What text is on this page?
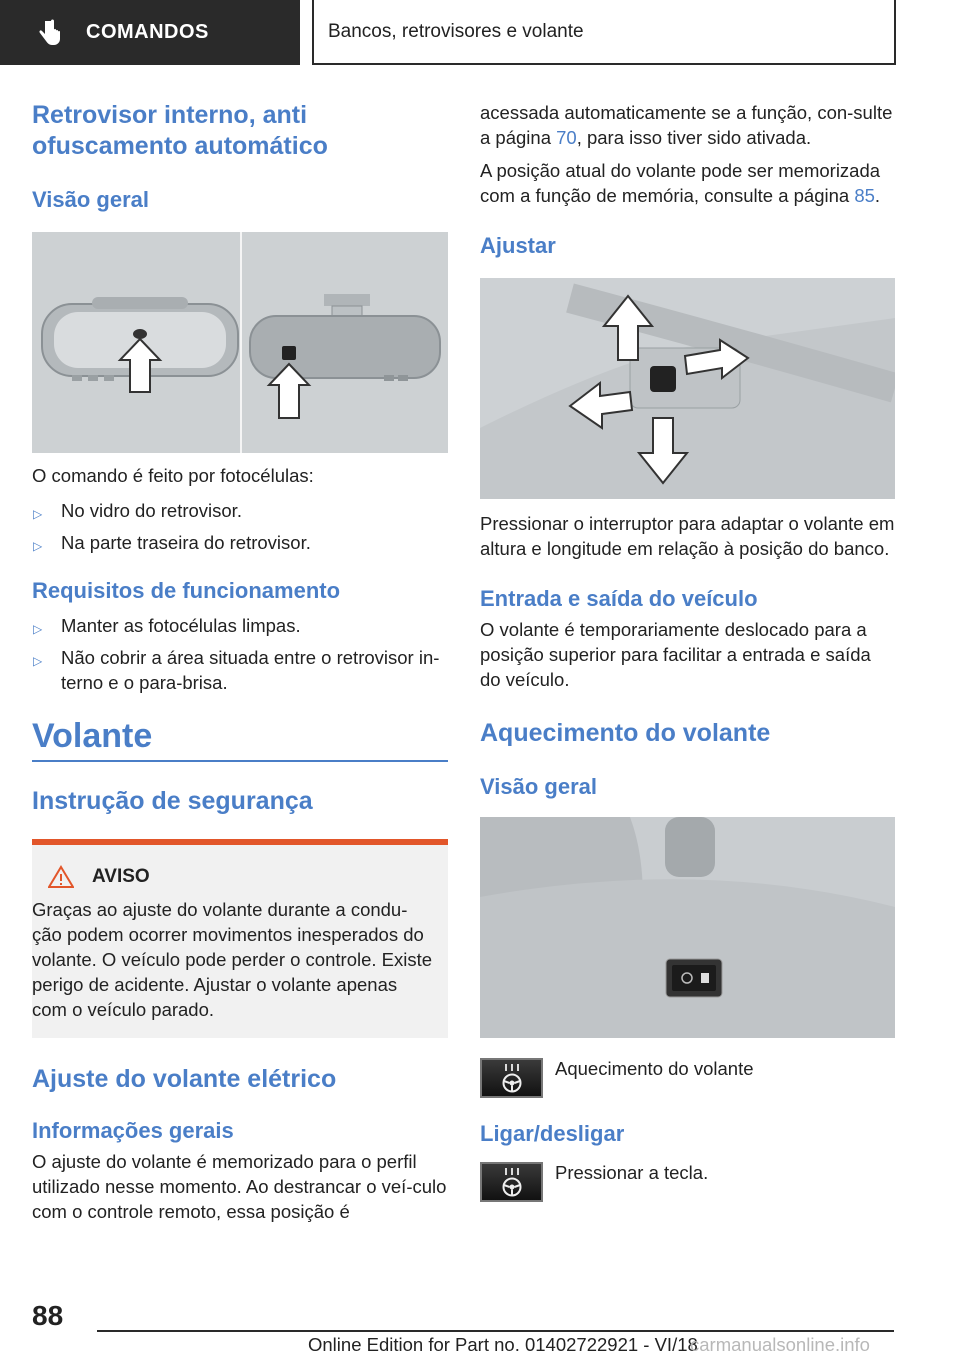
COMANDOS	Bancos, retrovisores e volante
Retrovisor interno, anti ofuscamento automático
Visão geral

O comando é feito por fotocélulas:

▷ No vidro do retrovisor.
▷ Na parte traseira do retrovisor.
Requisitos de funcionamento
▷ Manter as fotocélulas limpas.
▷ Não cobrir a área situada entre o retrovisor in-terno e o para-brisa.
Volante
Instrução de segurança
AVISO

Graças ao ajuste do volante durante a condu-ção podem ocorrer movimentos inesperados do volante. O veículo pode perder o controle. Existe perigo de acidente. Ajustar o volante apenas com o veículo parado.

Ajuste do volante elétrico
Informações gerais

O ajuste do volante é memorizado para o perfil utilizado nesse momento. Ao destrancar o veí-culo com o controle remoto, essa posição é

acessada automaticamente se a função, con-sulte a página 70, para isso tiver sido ativada.

A posição atual do volante pode ser memorizada com a função de memória, consulte a página 85.

Ajustar

Pressionar o interruptor para adaptar o volante em altura e longitude em relação à posição do banco.

Entrada e saída do veículo

O volante é temporariamente deslocado para a posição superior para facilitar a entrada e saída do veículo.

Aquecimento do volante
Visão geral

Aquecimento do volante

Ligar/desligar

Pressionar a tecla.

88
Online Edition for Part no. 01402722921 - VI/18
carmanualsonline.info
